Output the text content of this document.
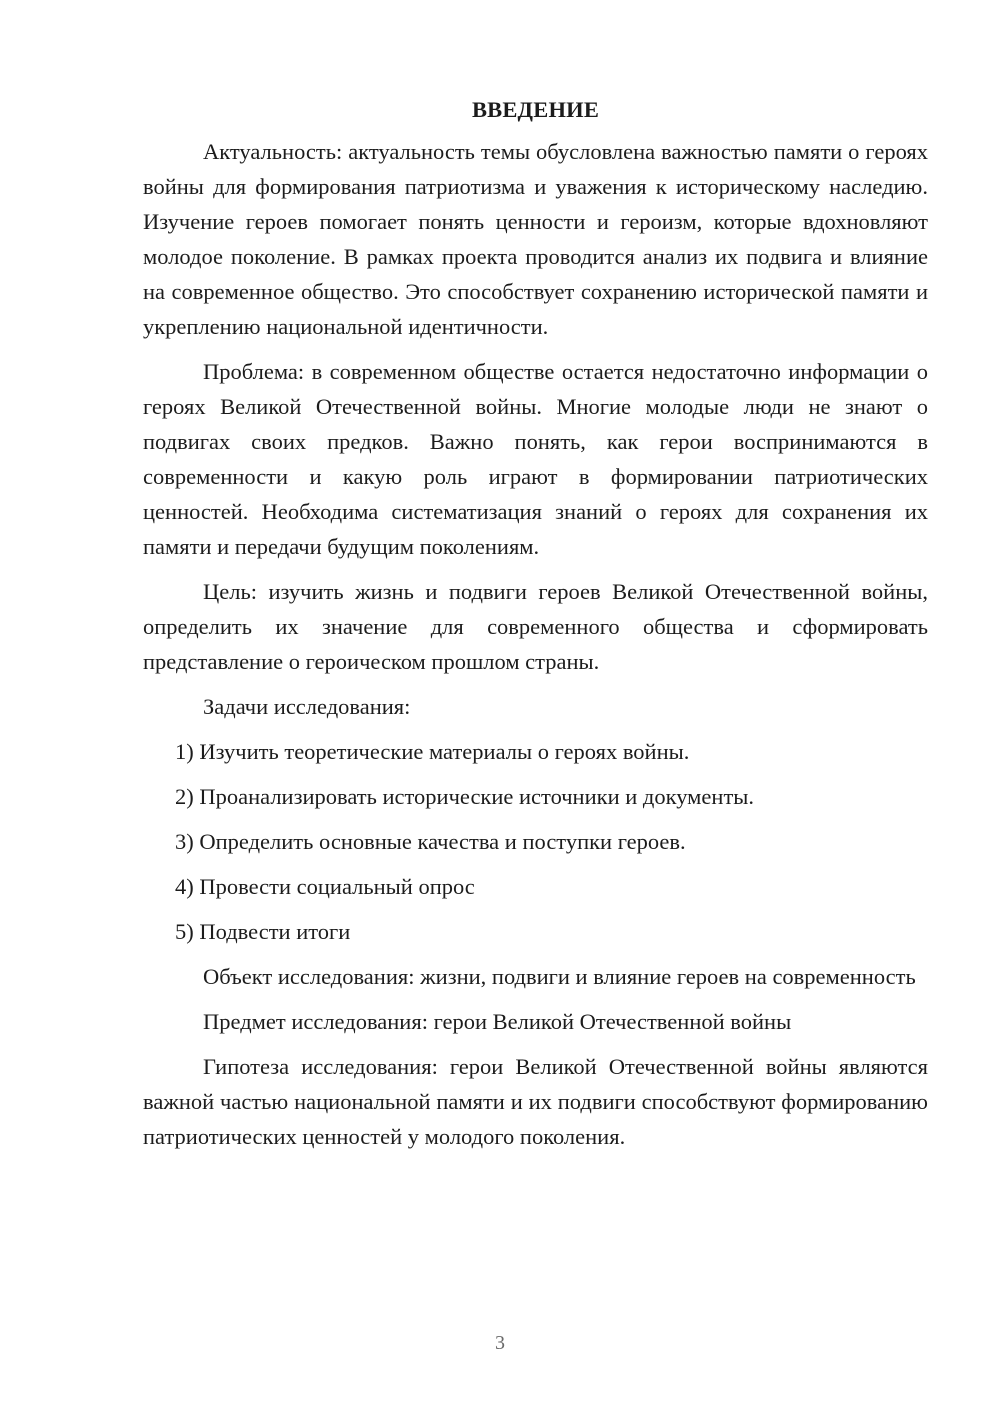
ВВЕДЕНИЕ

Актуальность: актуальность темы обусловлена важностью памяти о героях войны для формирования патриотизма и уважения к историческому наследию. Изучение героев помогает понять ценности и героизм, которые вдохновляют молодое поколение. В рамках проекта проводится анализ их подвига и влияние на современное общество. Это способствует сохранению исторической памяти и укреплению национальной идентичности.

Проблема: в современном обществе остается недостаточно информации о героях Великой Отечественной войны. Многие молодые люди не знают о подвигах своих предков. Важно понять, как герои воспринимаются в современности и какую роль играют в формировании патриотических ценностей. Необходима систематизация знаний о героях для сохранения их памяти и передачи будущим поколениям.

Цель: изучить жизнь и подвиги героев Великой Отечественной войны, определить их значение для современного общества и сформировать представление о героическом прошлом страны.

Задачи исследования:

1) Изучить теоретические материалы о героях войны.
2) Проанализировать исторические источники и документы.
3) Определить основные качества и поступки героев.
4) Провести социальный опрос
5) Подвести итоги

Объект исследования: жизни, подвиги и влияние героев на современность

Предмет исследования: герои Великой Отечественной войны

Гипотеза исследования: герои Великой Отечественной войны являются важной частью национальной памяти и их подвиги способствуют формированию патриотических ценностей у молодого поколения.

3
